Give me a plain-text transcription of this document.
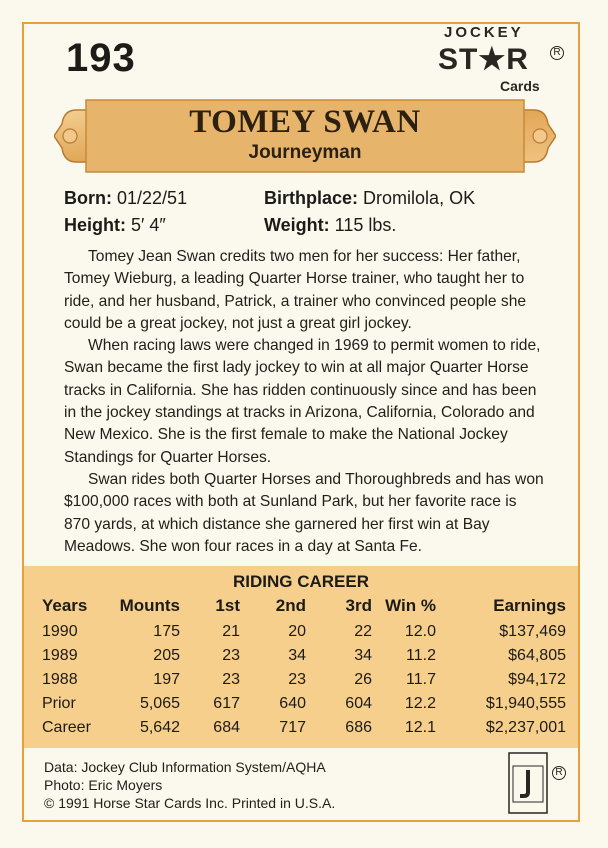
193
JOCKEY
ST★R	R
Cards
TOMEY SWAN
Journeyman
Born: 01/22/51	Birthplace: Dromilola, OK
Height: 5′ 4″	Weight: 115 lbs.

Tomey Jean Swan credits two men for her success: Her father, Tomey Wieburg, a leading Quarter Horse trainer, who taught her to ride, and her husband, Patrick, a trainer who convinced people she could be a great jockey, not just a great girl jockey.

When racing laws were changed in 1969 to permit women to ride, Swan became the first lady jockey to win at all major Quarter Horse tracks in California. She has ridden continuously since and has been in the jockey standings at tracks in Arizona, California, Colorado and New Mexico. She is the first female to make the National Jockey Standings for Quarter Horses.

Swan rides both Quarter Horses and Thoroughbreds and has won $100,000 races with both at Sunland Park, but her favorite race is 870 yards, at which distance she garnered her first win at Bay Meadows. She won four races in a day at Santa Fe.

RIDING CAREER
Years	Mounts	1st	2nd	3rd	Win %	Earnings
1990	175	21	20	22	12.0	$137,469
1989	205	23	34	34	11.2	$64,805
1988	197	23	23	26	11.7	$94,172
Prior	5,065	617	640	604	12.2	$1,940,555
Career	5,642	684	717	686	12.1	$2,237,001
Data: Jockey Club Information System/AQHA
Photo: Eric Moyers
© 1991 Horse Star Cards Inc. Printed in U.S.A.
R
